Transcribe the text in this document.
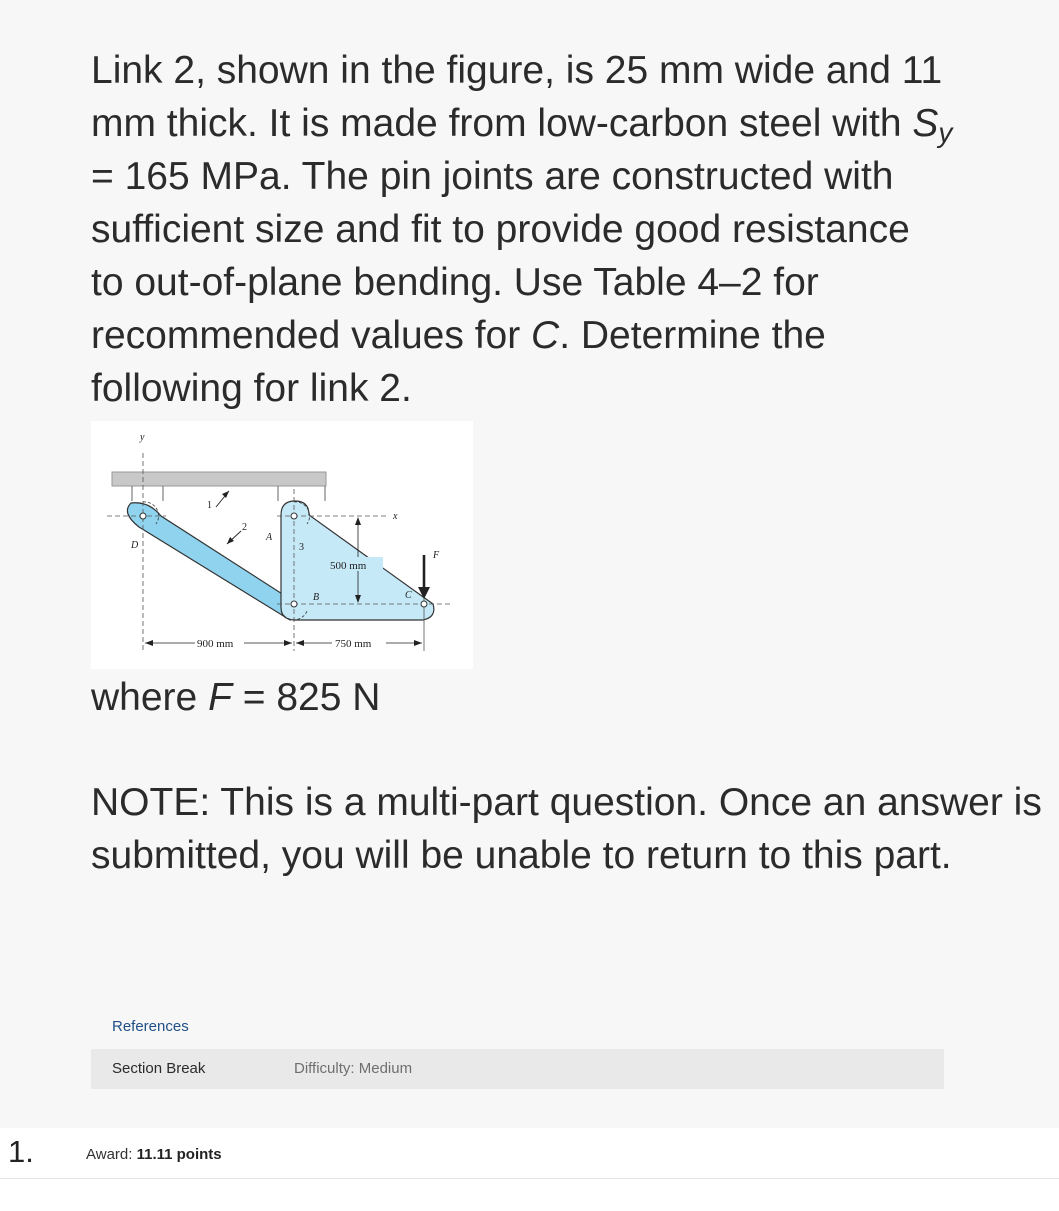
Link 2, shown in the figure, is 25 mm wide and 11
mm thick. It is made from low-carbon steel with $S_y$
= 165 MPa. The pin joints are constructed with
sufficient size and fit to provide good resistance
to out-of-plane bending. Use Table 4–2 for
recommended values for C. Determine the
following for link 2.

y
x
1
2
3
A
B	C
D
F
500 mm
900 mm	750 mm

where F = 825 N

NOTE: This is a multi-part question. Once an answer is submitted, you will be unable to return to this part.

References
Section Break	Difficulty: Medium
1.	Award: 11.11 points
